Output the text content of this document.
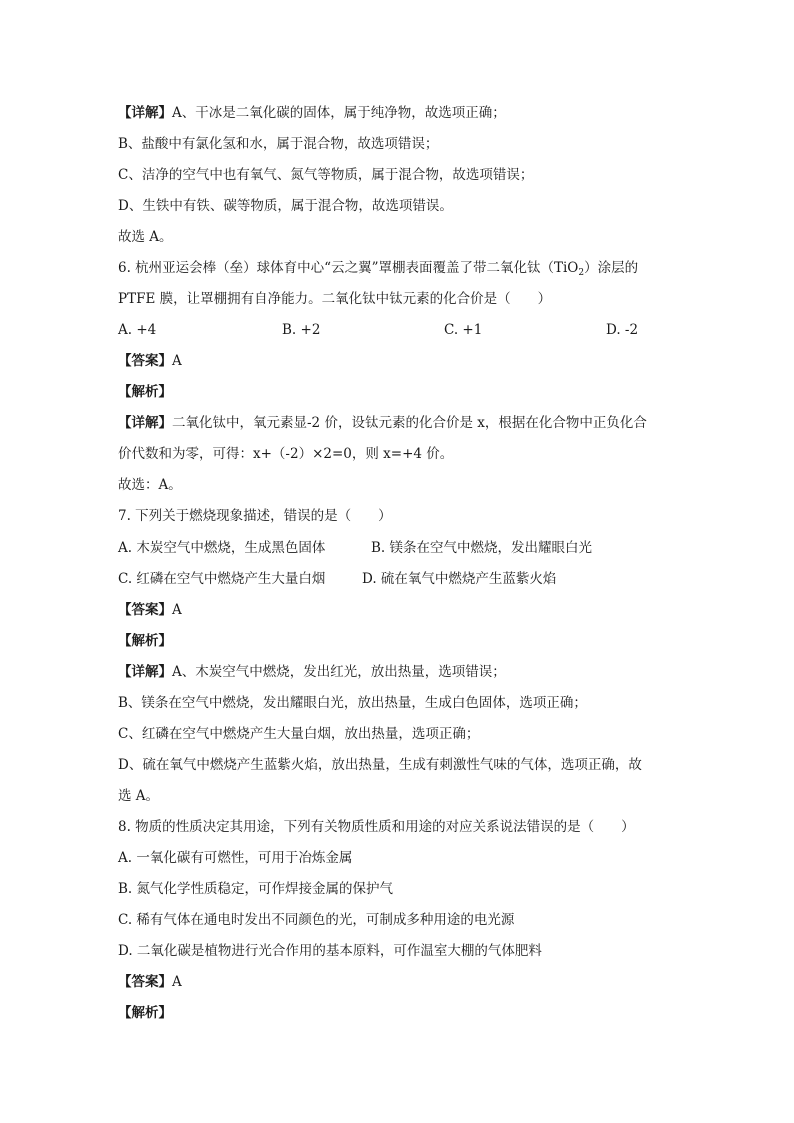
【详解】A、干冰是二氧化碳的固体，属于纯净物，故选项正确；
B、盐酸中有氯化氢和水，属于混合物，故选项错误；
C、洁净的空气中也有氧气、氮气等物质，属于混合物，故选项错误；
D、生铁中有铁、碳等物质，属于混合物，故选项错误。
故选 A。
6. 杭州亚运会棒（垒）球体育中心“云之翼”罩棚表面覆盖了带二氧化钛（TiO$_2$）涂层的
PTFE 膜，让罩棚拥有自净能力。二氧化钛中钛元素的化合价是（　　）
A. +4	B. +2	C. +1	D. -2
【答案】A
【解析】
【详解】二氧化钛中，氧元素显-2 价，设钛元素的化合价是 x，根据在化合物中正负化合
价代数和为零，可得：x+（-2）×2=0，则 x=+4 价。
故选：A。
7. 下列关于燃烧现象描述，错误的是（　　）
A. 木炭空气中燃烧，生成黑色固体	B. 镁条在空气中燃烧，发出耀眼白光
C. 红磷在空气中燃烧产生大量白烟	D. 硫在氧气中燃烧产生蓝紫火焰
【答案】A
【解析】
【详解】A、木炭空气中燃烧，发出红光，放出热量，选项错误；
B、镁条在空气中燃烧，发出耀眼白光，放出热量，生成白色固体，选项正确；
C、红磷在空气中燃烧产生大量白烟，放出热量，选项正确；
D、硫在氧气中燃烧产生蓝紫火焰，放出热量，生成有刺激性气味的气体，选项正确，故
选 A。
8. 物质的性质决定其用途，下列有关物质性质和用途的对应关系说法错误的是（　　）
A. 一氧化碳有可燃性，可用于冶炼金属
B. 氮气化学性质稳定，可作焊接金属的保护气
C. 稀有气体在通电时发出不同颜色的光，可制成多种用途的电光源
D. 二氧化碳是植物进行光合作用的基本原料，可作温室大棚的气体肥料
【答案】A
【解析】
